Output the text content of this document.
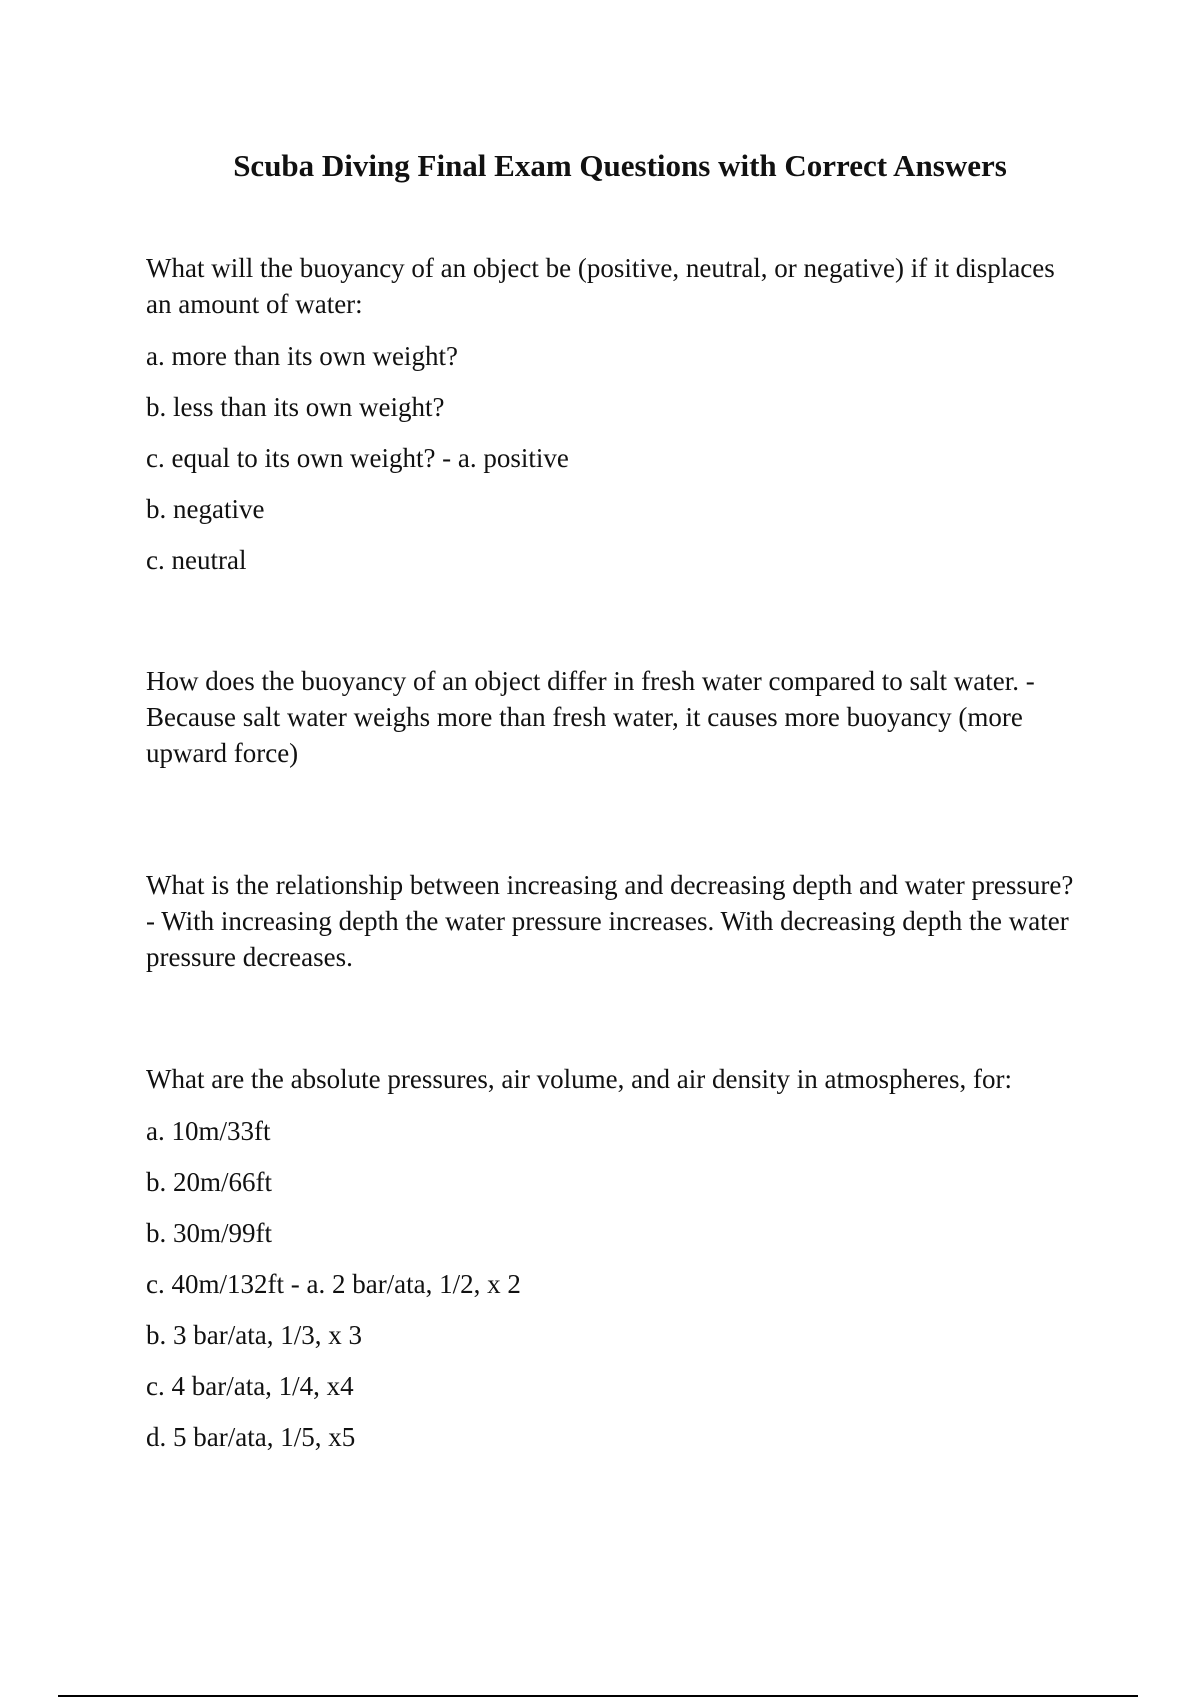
Scuba Diving Final Exam Questions with Correct Answers

What will the buoyancy of an object be (positive, neutral, or negative) if it displaces an amount of water:

a. more than its own weight?

b. less than its own weight?

c. equal to its own weight? - a. positive

b. negative

c. neutral

How does the buoyancy of an object differ in fresh water compared to salt water. - Because salt water weighs more than fresh water, it causes more buoyancy (more upward force)

What is the relationship between increasing and decreasing depth and water pressure? - With increasing depth the water pressure increases. With decreasing depth the water pressure decreases.

What are the absolute pressures, air volume, and air density in atmospheres, for:

a. 10m/33ft

b. 20m/66ft

b. 30m/99ft

c. 40m/132ft - a. 2 bar/ata, 1/2, x 2

b. 3 bar/ata, 1/3, x 3

c. 4 bar/ata, 1/4, x4

d. 5 bar/ata, 1/5, x5
